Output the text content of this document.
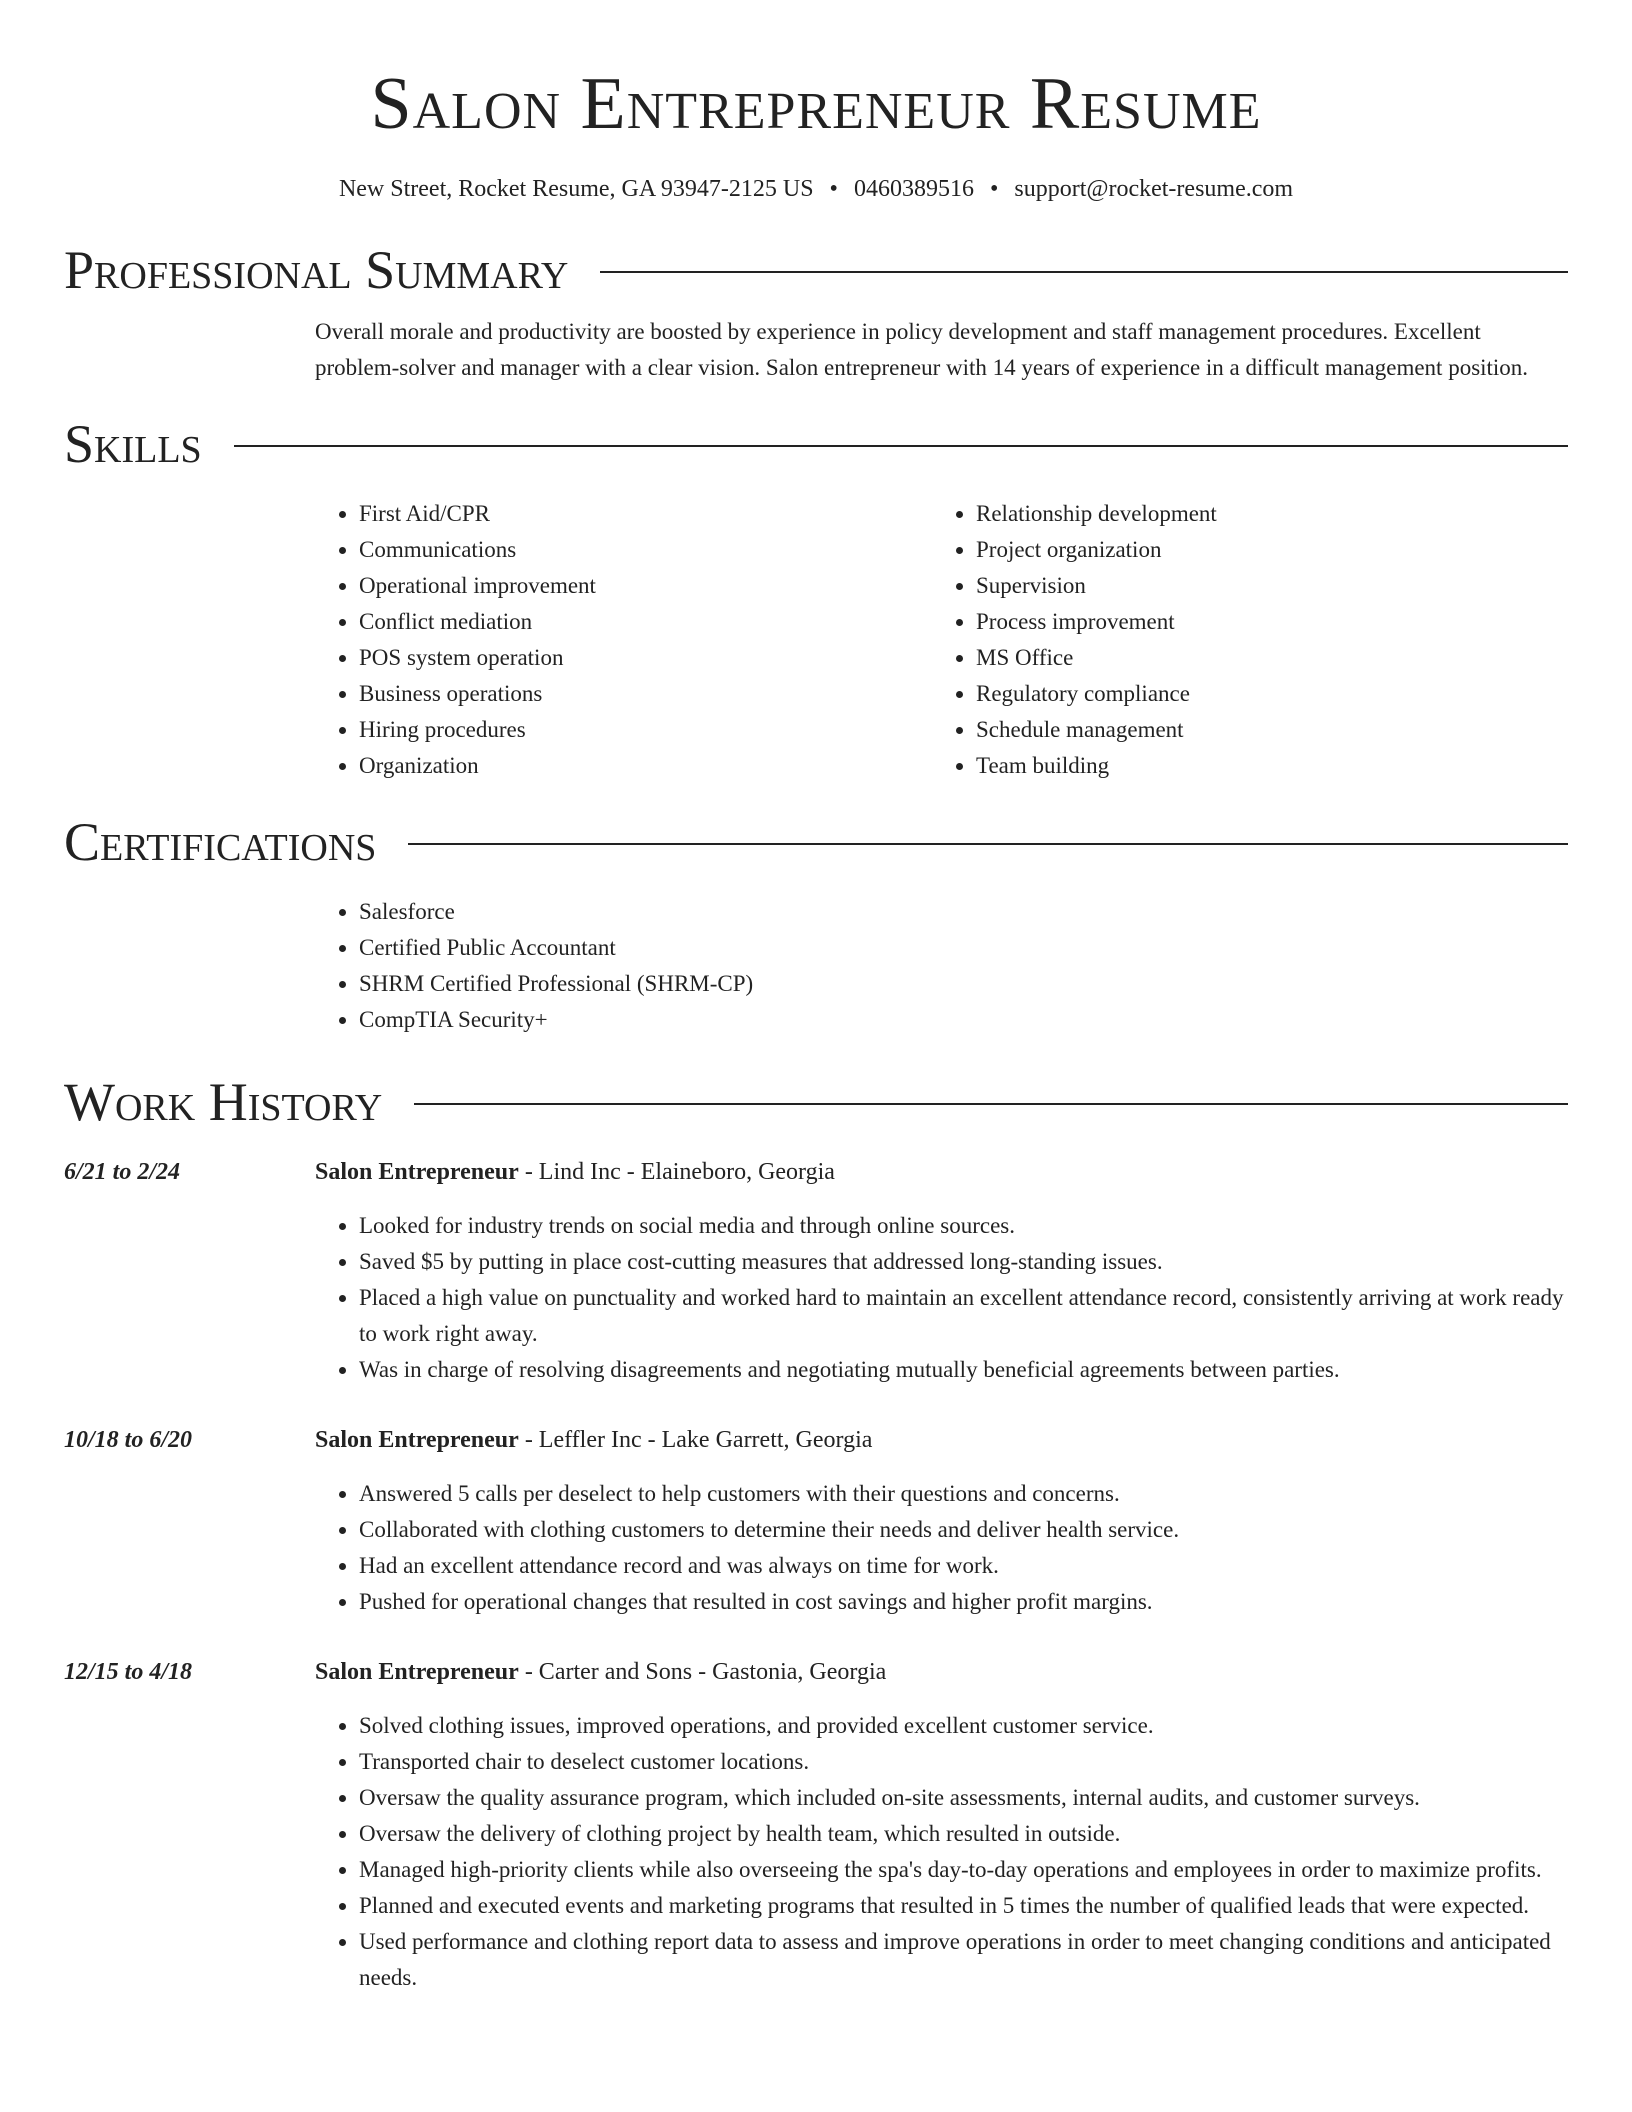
Salon Entrepreneur Resume
New Street, Rocket Resume, GA 93947-2125 US • 0460389516 • support@rocket-resume.com
Professional Summary

Overall morale and productivity are boosted by experience in policy development and staff management procedures. Excellent problem-solver and manager with a clear vision. Salon entrepreneur with 14 years of experience in a difficult management position.

Skills
• First Aid/CPR
• Communications
• Operational improvement
• Conflict mediation
• POS system operation
• Business operations
• Hiring procedures
• Organization
• Relationship development
• Project organization
• Supervision
• Process improvement
• MS Office
• Regulatory compliance
• Schedule management
• Team building
Certifications
• Salesforce
• Certified Public Accountant
• SHRM Certified Professional (SHRM-CP)
• CompTIA Security+
Work History
6/21 to 2/24	Salon Entrepreneur - Lind Inc - Elaineboro, Georgia
• Looked for industry trends on social media and through online sources.
• Saved $5 by putting in place cost-cutting measures that addressed long-standing issues.
• Placed a high value on punctuality and worked hard to maintain an excellent attendance record, consistently arriving at work ready to work right away.
• Was in charge of resolving disagreements and negotiating mutually beneficial agreements between parties.
10/18 to 6/20	Salon Entrepreneur - Leffler Inc - Lake Garrett, Georgia
• Answered 5 calls per deselect to help customers with their questions and concerns.
• Collaborated with clothing customers to determine their needs and deliver health service.
• Had an excellent attendance record and was always on time for work.
• Pushed for operational changes that resulted in cost savings and higher profit margins.
12/15 to 4/18	Salon Entrepreneur - Carter and Sons - Gastonia, Georgia
• Solved clothing issues, improved operations, and provided excellent customer service.
• Transported chair to deselect customer locations.
• Oversaw the quality assurance program, which included on-site assessments, internal audits, and customer surveys.
• Oversaw the delivery of clothing project by health team, which resulted in outside.
• Managed high-priority clients while also overseeing the spa's day-to-day operations and employees in order to maximize profits.
• Planned and executed events and marketing programs that resulted in 5 times the number of qualified leads that were expected.
• Used performance and clothing report data to assess and improve operations in order to meet changing conditions and anticipated needs.
